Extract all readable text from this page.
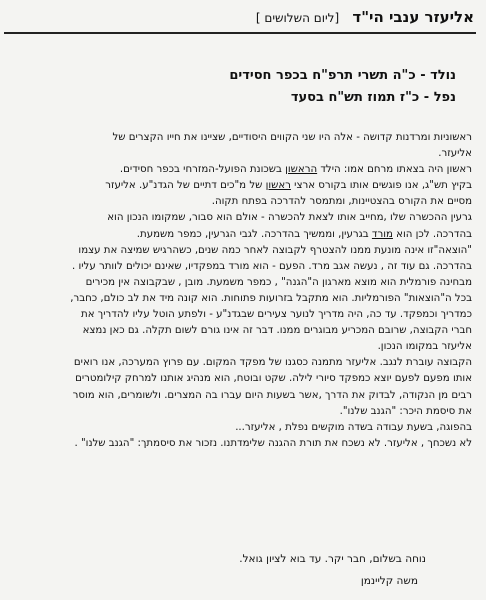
אליעזר ענבי הי"ד [ליום השלושים ]
נולד - כ"ה תשרי תרפ"ח בכפר חסידים
נפל - כ"ז תמוז תש"ח בסעד

ראשוניות ומרדנות קדושה - אלה היו שני הקווים היסודיים, שציינו את חייו הקצרים של

אליעזר.

ראשון היה בצאתו מרחם אמו: הילד הראשון בשכונת הפועל-המזרחי בכפר חסידים.

בקיץ תש"ג, אנו פוגשים אותו בקורס ארצי ראשון של מ"כים דתיים של הגדנ"ע. אליעזר

מסיים את הקורס בהצטיינות, ומתמסר להדרכה בפתח תקוה.

גרעין ההכשרה שלו ,מחייב אותו לצאת להכשרה - אולם הוא סבור, שמקומו הנכון הוא

בהדרכה. לכן הוא מורד בגרעין, וממשיך בהדרכה. לגבי הגרעין, כמפר משמעת.

"הוצאה"זו אינה מונעת ממנו להצטרף לקבוצה לאחר כמה שנים, כשהרגיש שמיצה את עצמו

בהדרכה. גם עוד זה , נעשה אגב מרד. הפעם - הוא מורד במפקדיו, שאינם יכולים לוותר עליו .

מבחינה פורמלית הוא מוצא מארגון ה"הגנה" , כמפר משמעת. מובן , שבקבוצה אין מכירים

בכל ה"הוצאות" הפורמליות. הוא מתקבל בזרועות פתוחות. הוא קונה מיד את לב כולם, כחבר,

כמדריך וכמפקד. עד כה, היה מדריך לנוער צעירים שבגדנ"ע - ולפתע הוטל עליו להדריך את

חברי הקבוצה, שרובם המכריע מבוגרים ממנו. דבר זה אינו גורם לשום תקלה. גם כאן נמצא

אליעזר במקומו הנכון.

הקבוצה עוברת לנגב. אליעזר מתמנה כסגנו של מפקד המקום. עם פרוץ המערכה, אנו רואים

אותו מפעם לפעם יוצא כמפקד סיורי לילה. שקט ובוטח, הוא מנהיג אותנו למרחק קילומטרים

רבים מן הנקודה, לבדוק את הדרך ,אשר בשעות היום עברו בה המצרים. ולשומרים, הוא מוסר

את סיסמת היכר: "הגנב שלנו".

בהפוגה, בשעת עבודה בשדה מוקשים נפלת , אליעזר...

לא נשכחך , אליעזר. לא נשכח את תורת ההגנה שלימדתנו. נזכור את סיסמתך: "הגנב שלנו" .

נוחה בשלום, חבר יקר. עד בוא לציון גואל.
משה קליינמן
